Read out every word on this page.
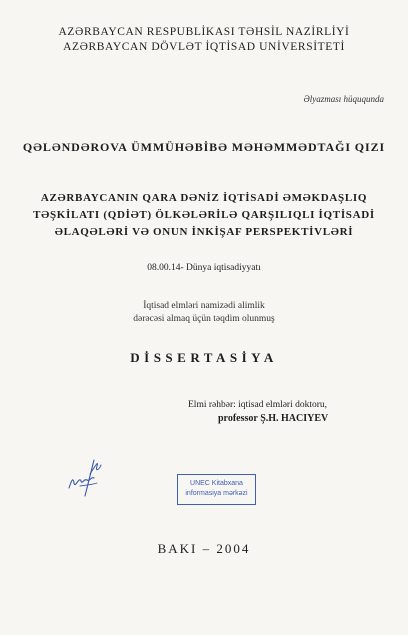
AZƏRBAYCAN RESPUBLİKASI TƏHSİL NAZİRLİYİ
AZƏRBAYCAN DÖVLƏT İQTİSAD UNİVERSİTETİ
Əlyazması hüququnda
QƏLƏNDƏROVA ÜMMÜHƏBİBƏ MƏHƏMMƏDTAĞI QIZI
AZƏRBAYCANIN QARA DƏNİZ İQTİSADİ ƏMƏKDAŞLIQ
TƏŞKİLATI (QDİƏT) ÖLKƏLƏRİLƏ QARŞILIQLI İQTİSADİ
ƏLAQƏLƏRİ VƏ ONUN İNKİŞAF PERSPEKTİVLƏRİ
08.00.14- Dünya iqtisadiyyatı
İqtisad elmləri namizədi alimlik
dərəcəsi almaq üçün təqdim olunmuş
DİSSERTASİYA
Elmi rəhbər: iqtisad elmləri doktoru,
professor Ş.H. HACIYEV
UNEC Kitabxana
informasiya mərkəzi
BAKI – 2004
